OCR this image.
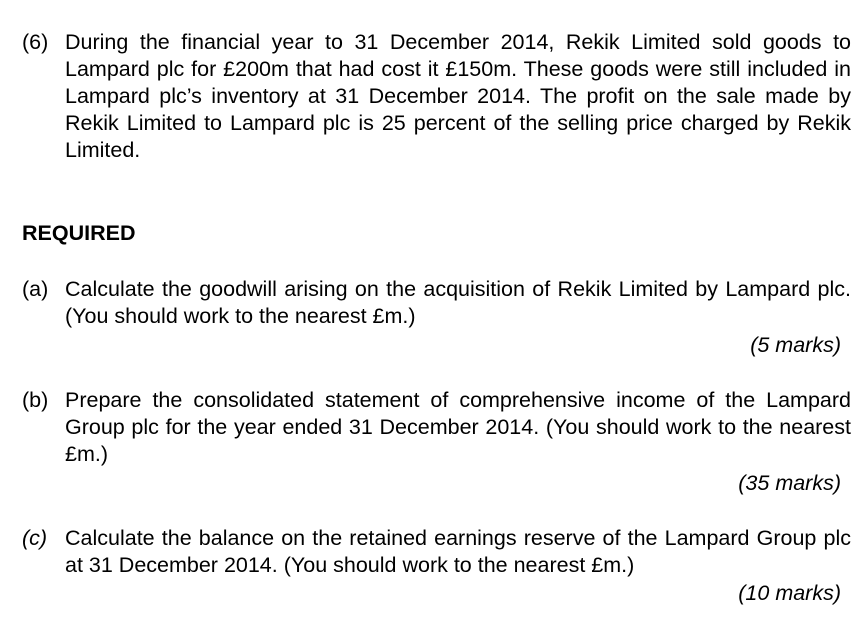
(6) During the financial year to 31 December 2014, Rekik Limited sold goods to Lampard plc for £200m that had cost it £150m. These goods were still included in Lampard plc’s inventory at 31 December 2014. The profit on the sale made by Rekik Limited to Lampard plc is 25 percent of the selling price charged by Rekik Limited.
REQUIRED
(a) Calculate the goodwill arising on the acquisition of Rekik Limited by Lampard plc. (You should work to the nearest £m.)
(5 marks)
(b) Prepare the consolidated statement of comprehensive income of the Lampard Group plc for the year ended 31 December 2014. (You should work to the nearest £m.)
(35 marks)
(c) Calculate the balance on the retained earnings reserve of the Lampard Group plc at 31 December 2014. (You should work to the nearest £m.)
(10 marks)
